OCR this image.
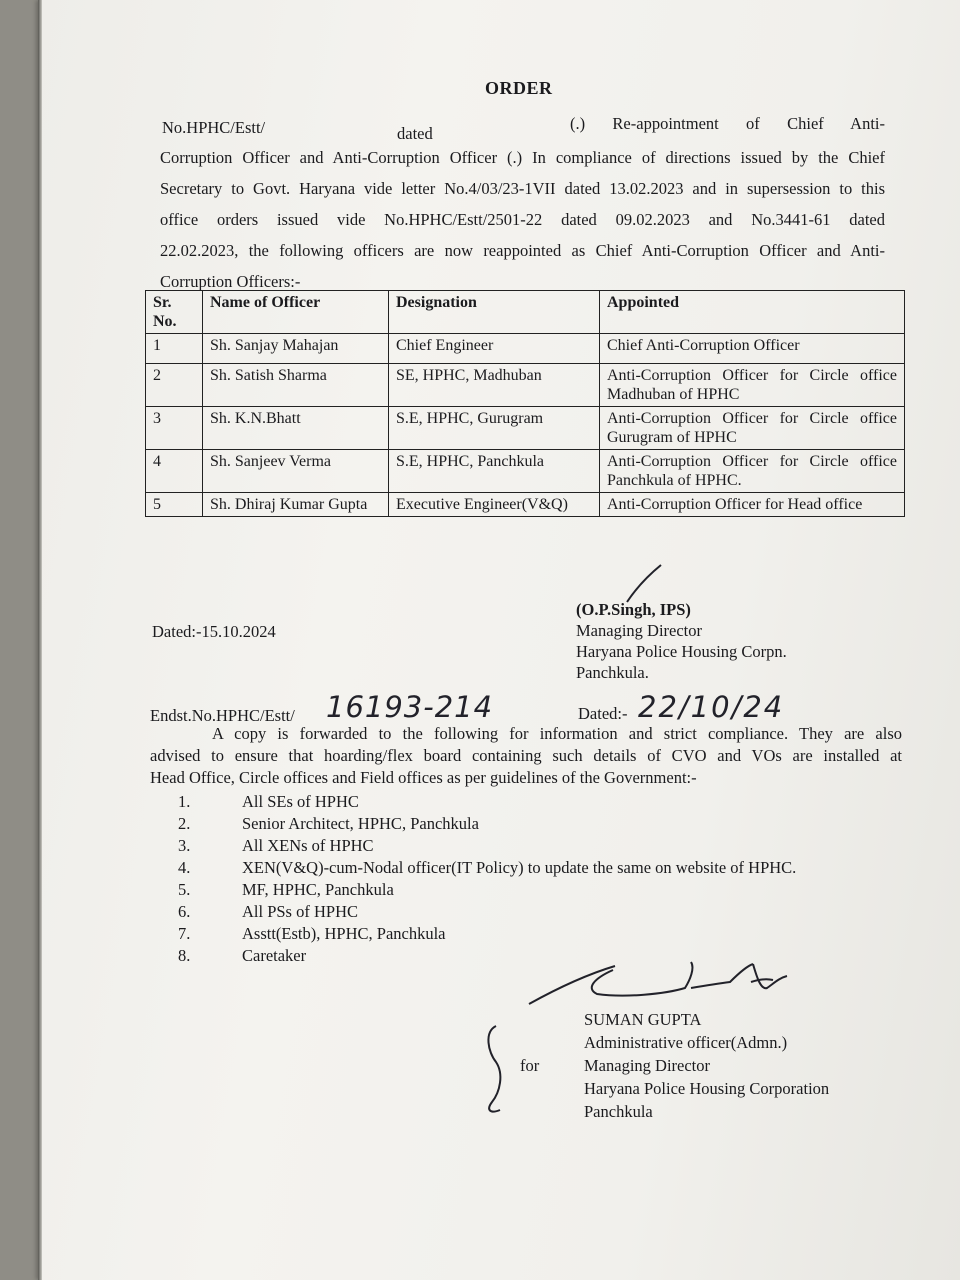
ORDER
No.HPHC/Estt/	dated
(.) Re-appointment of Chief Anti-
Corruption Officer and Anti-Corruption Officer (.) In compliance of directions issued by the Chief
Secretary to Govt. Haryana vide letter No.4/03/23-1VII dated 13.02.2023 and in supersession to this
office orders issued vide No.HPHC/Estt/2501-22 dated 09.02.2023 and No.3441-61 dated
22.02.2023, the following officers are now reappointed as Chief Anti-Corruption Officer and Anti-
Corruption Officers:-
Sr. No.	Name of Officer	Designation	Appointed
1	Sh. Sanjay Mahajan	Chief Engineer	Chief Anti-Corruption Officer
2	Sh. Satish Sharma	SE, HPHC, Madhuban	Anti-Corruption Officer for Circle office Madhuban of HPHC
3	Sh. K.N.Bhatt	S.E, HPHC, Gurugram	Anti-Corruption Officer for Circle office Gurugram of HPHC
4	Sh. Sanjeev Verma	S.E, HPHC, Panchkula	Anti-Corruption Officer for Circle office Panchkula of HPHC.
5	Sh. Dhiraj Kumar Gupta	Executive Engineer(V&Q)	Anti-Corruption Officer for Head office
Dated:-15.10.2024
(O.P.Singh, IPS)
Managing Director
Haryana Police Housing Corpn.
Panchkula.
Endst.No.HPHC/Estt/ 16193-214	Dated:- 22/10/24
A copy is forwarded to the following for information and strict compliance. They are also
advised to ensure that hoarding/flex board containing such details of CVO and VOs are installed at
Head Office, Circle offices and Field offices as per guidelines of the Government:-
1.	All SEs of HPHC
2.	Senior Architect, HPHC, Panchkula
3.	All XENs of HPHC
4.	XEN(V&Q)-cum-Nodal officer(IT Policy) to update the same on website of HPHC.
5.	MF, HPHC, Panchkula
6.	All PSs of HPHC
7.	Asstt(Estb), HPHC, Panchkula
8.	Caretaker
for
SUMAN GUPTA
Administrative officer(Admn.)
Managing Director
Haryana Police Housing Corporation
Panchkula
